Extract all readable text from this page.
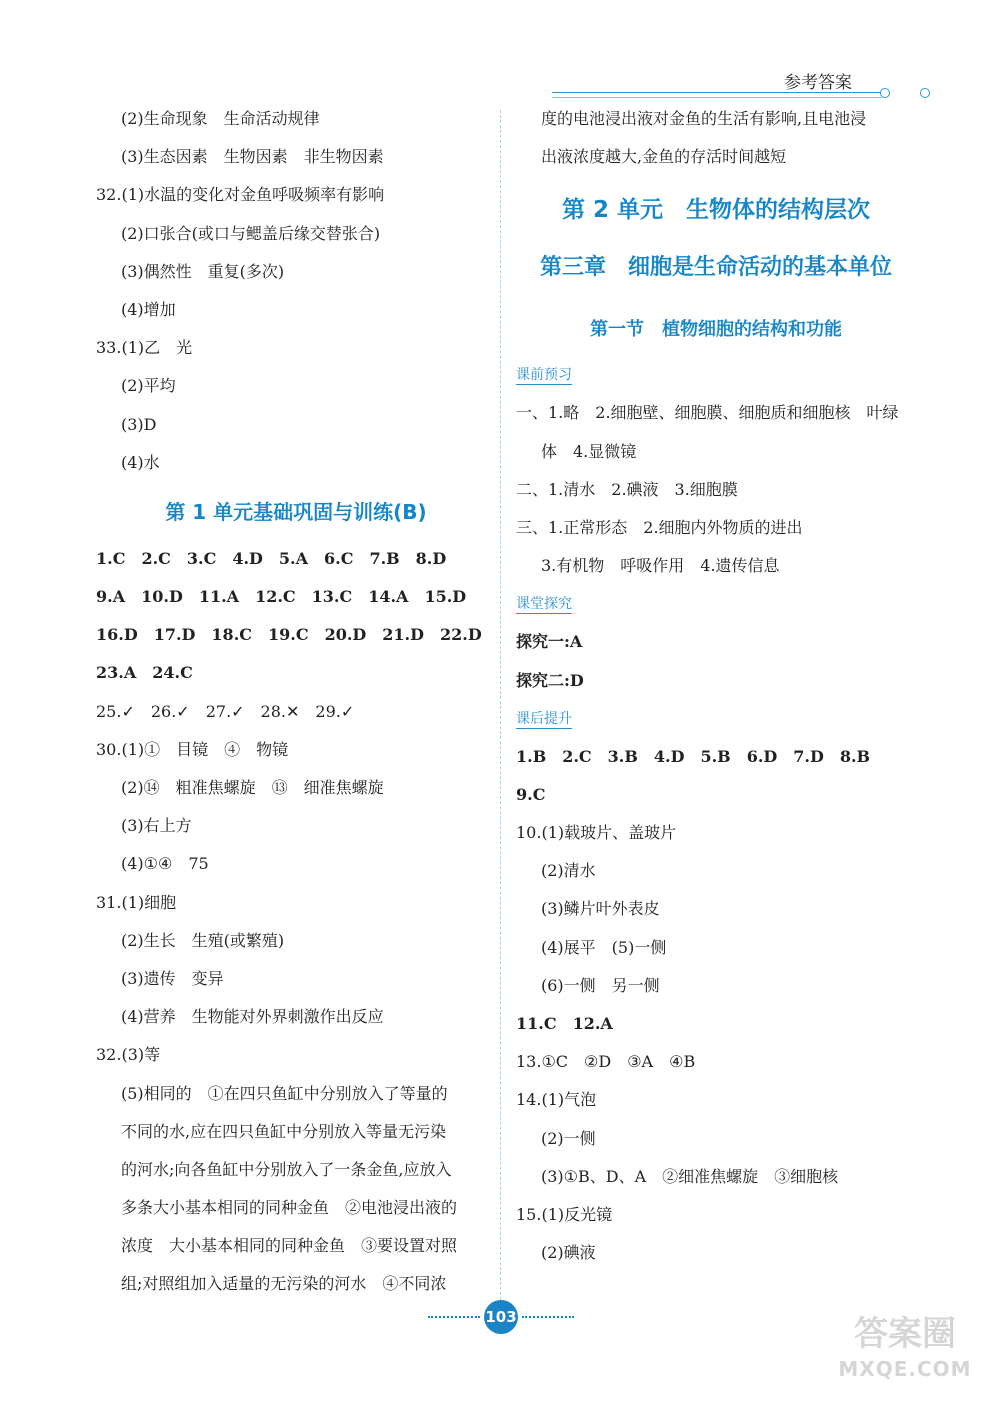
参考答案
(2)生命现象　生命活动规律
(3)生态因素　生物因素　非生物因素
32.(1)水温的变化对金鱼呼吸频率有影响
(2)口张合(或口与鳃盖后缘交替张合)
(3)偶然性　重复(多次)
(4)增加
33.(1)乙　光
(2)平均
(3)D
(4)水
第 1 单元基础巩固与训练(B)
1.C　2.C　3.C　4.D　5.A　6.C　7.B　8.D
9.A　10.D　11.A　12.C　13.C　14.A　15.D
16.D　17.D　18.C　19.C　20.D　21.D　22.D
23.A　24.C
25.✓　26.✓　27.✓　28.✕　29.✓
30.(1)①　目镜　④　物镜
(2)⑭　粗准焦螺旋　⑬　细准焦螺旋
(3)右上方
(4)①④　75
31.(1)细胞
(2)生长　生殖(或繁殖)
(3)遗传　变异
(4)营养　生物能对外界刺激作出反应
32.(3)等
(5)相同的　①在四只鱼缸中分别放入了等量的
不同的水,应在四只鱼缸中分别放入等量无污染
的河水;向各鱼缸中分别放入了一条金鱼,应放入
多条大小基本相同的同种金鱼　②电池浸出液的
浓度　大小基本相同的同种金鱼　③要设置对照
组;对照组加入适量的无污染的河水　④不同浓
度的电池浸出液对金鱼的生活有影响,且电池浸
出液浓度越大,金鱼的存活时间越短
第 2 单元　生物体的结构层次
第三章　细胞是生命活动的基本单位
第一节　植物细胞的结构和功能
课前预习
一、1.略　2.细胞壁、细胞膜、细胞质和细胞核　叶绿
体　4.显微镜
二、1.清水　2.碘液　3.细胞膜
三、1.正常形态　2.细胞内外物质的进出
3.有机物　呼吸作用　4.遗传信息
课堂探究
探究一:A
探究二:D
课后提升
1.B　2.C　3.B　4.D　5.B　6.D　7.D　8.B
9.C
10.(1)载玻片、盖玻片
(2)清水
(3)鳞片叶外表皮
(4)展平　(5)一侧
(6)一侧　另一侧
11.C　12.A
13.①C　②D　③A　④B
14.(1)气泡
(2)一侧
(3)①B、D、A　②细准焦螺旋　③细胞核
15.(1)反光镜
(2)碘液
103	答案圈
MXQE.COM
